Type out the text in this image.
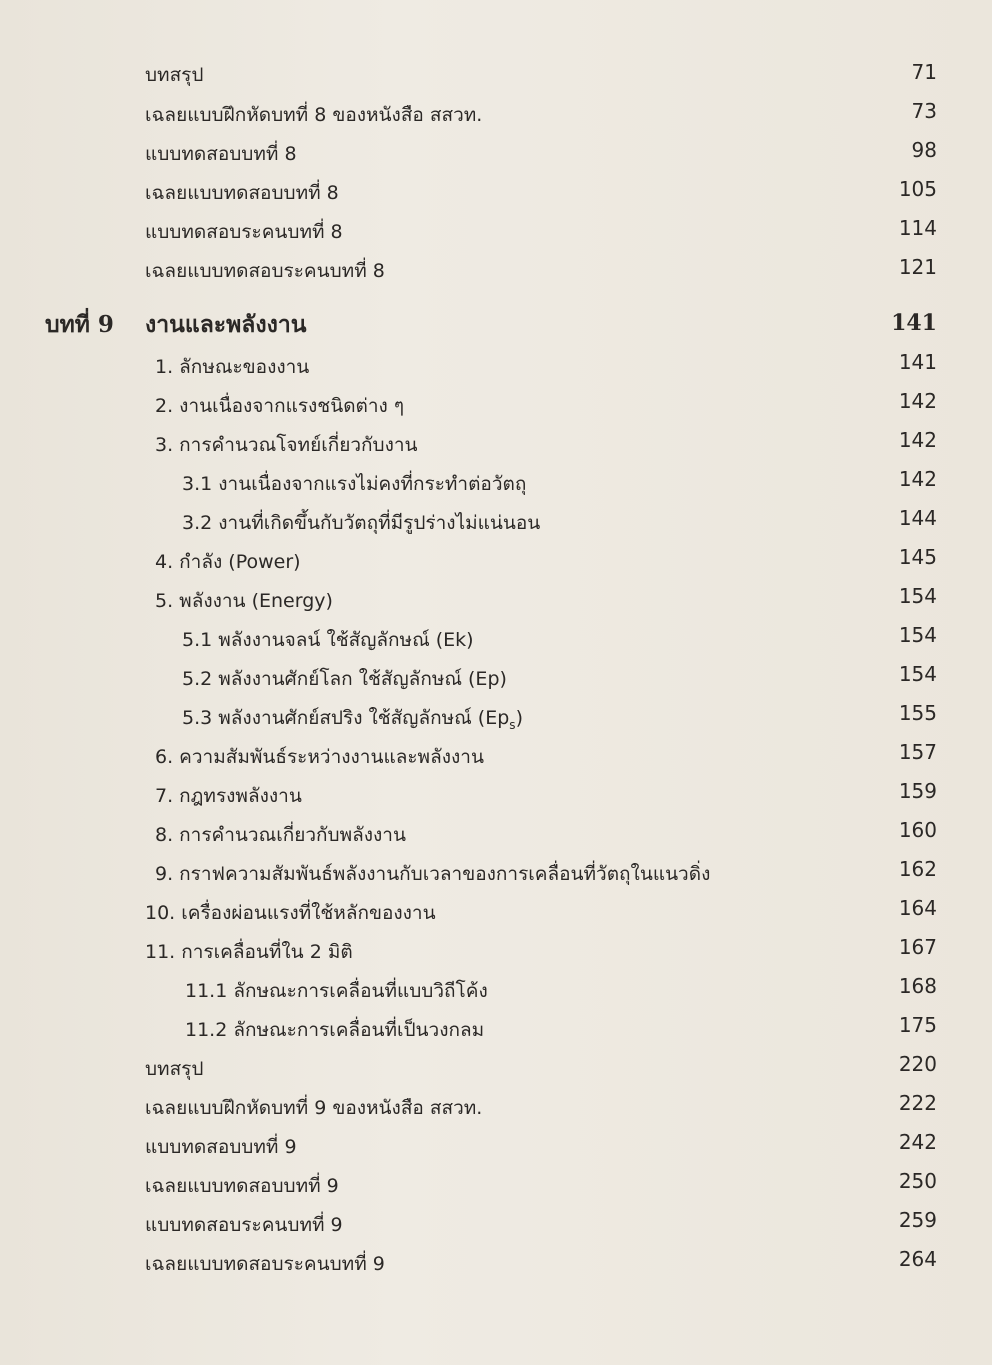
บทสรุป	71
เฉลยแบบฝึกหัดบทที่ 8 ของหนังสือ สสวท.	73
แบบทดสอบบทที่ 8	98
เฉลยแบบทดสอบบทที่ 8	105
แบบทดสอบระคนบทที่ 8	114
เฉลยแบบทดสอบระคนบทที่ 8	121
บทที่ 9 งานและพลังงาน	141
1. ลักษณะของงาน	141
2. งานเนื่องจากแรงชนิดต่าง ๆ	142
3. การคำนวณโจทย์เกี่ยวกับงาน	142
3.1 งานเนื่องจากแรงไม่คงที่กระทำต่อวัตถุ	142
3.2 งานที่เกิดขึ้นกับวัตถุที่มีรูปร่างไม่แน่นอน	144
4. กำลัง (Power)	145
5. พลังงาน (Energy)	154
5.1 พลังงานจลน์ ใช้สัญลักษณ์ (Ek)	154
5.2 พลังงานศักย์โลก ใช้สัญลักษณ์ (Ep)	154
5.3 พลังงานศักย์สปริง ใช้สัญลักษณ์ $(Ep_s)$	155
6. ความสัมพันธ์ระหว่างงานและพลังงาน	157
7. กฎทรงพลังงาน	159
8. การคำนวณเกี่ยวกับพลังงาน	160
9. กราฟความสัมพันธ์พลังงานกับเวลาของการเคลื่อนที่วัตถุในแนวดิ่ง	162
10. เครื่องผ่อนแรงที่ใช้หลักของงาน	164
11. การเคลื่อนที่ใน 2 มิติ	167
11.1 ลักษณะการเคลื่อนที่แบบวิถีโค้ง	168
11.2 ลักษณะการเคลื่อนที่เป็นวงกลม	175
บทสรุป	220
เฉลยแบบฝึกหัดบทที่ 9 ของหนังสือ สสวท.	222
แบบทดสอบบทที่ 9	242
เฉลยแบบทดสอบบทที่ 9	250
แบบทดสอบระคนบทที่ 9	259
เฉลยแบบทดสอบระคนบทที่ 9	264
